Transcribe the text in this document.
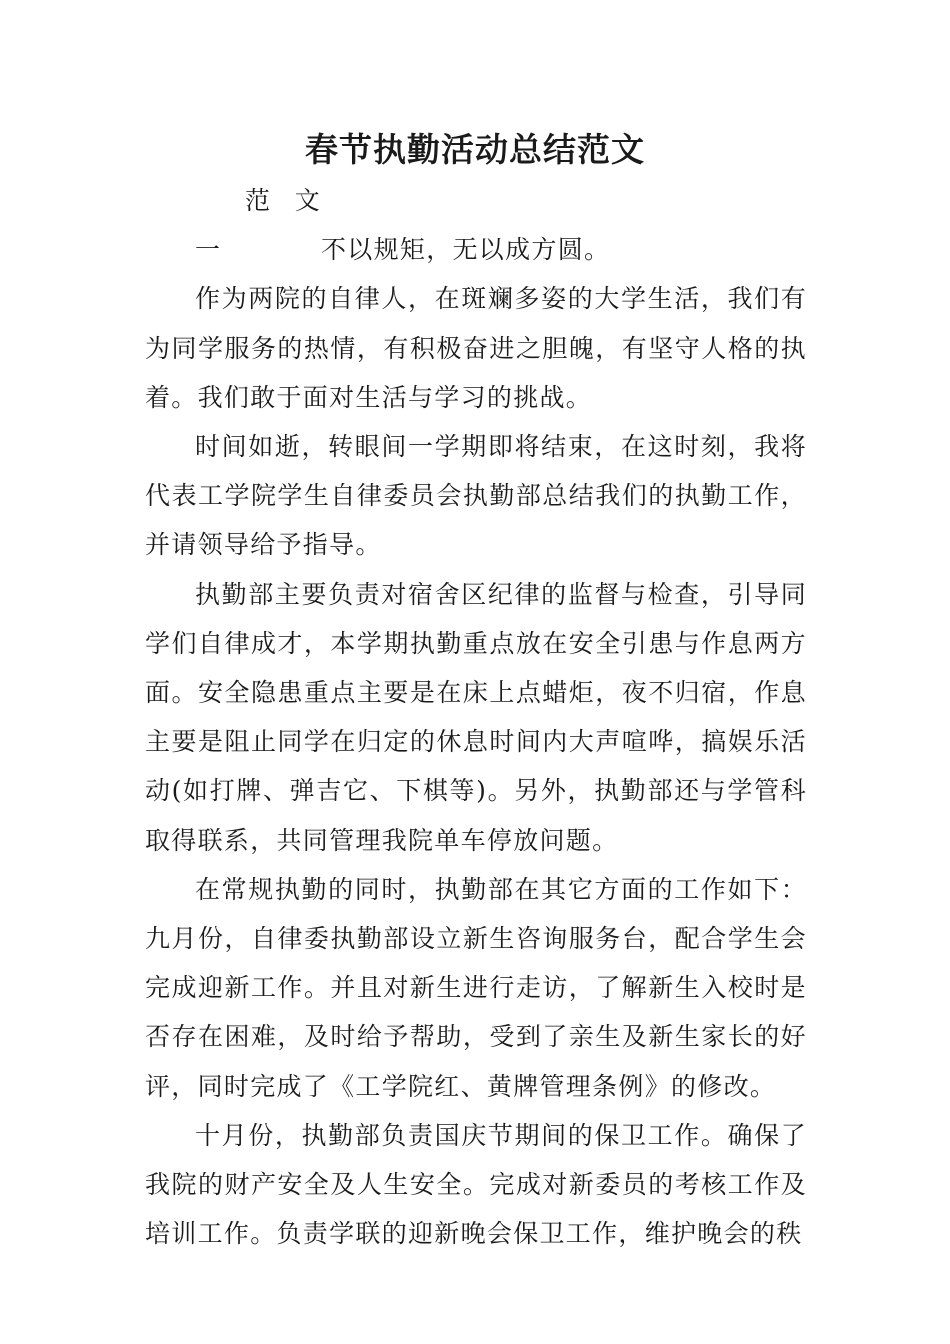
春节执勤活动总结范文

范文一	不以规矩，无以成方圆。

作为两院的自律人，在斑斓多姿的大学生活，我们有为同学服务的热情，有积极奋进之胆魄，有坚守人格的执着。我们敢于面对生活与学习的挑战。

时间如逝，转眼间一学期即将结束，在这时刻，我将代表工学院学生自律委员会执勤部总结我们的执勤工作，并请领导给予指导。

执勤部主要负责对宿舍区纪律的监督与检查，引导同学们自律成才，本学期执勤重点放在安全引患与作息两方面。安全隐患重点主要是在床上点蜡炬，夜不归宿，作息主要是阻止同学在归定的休息时间内大声喧哗，搞娱乐活动(如打牌、弹吉它、下棋等)。另外，执勤部还与学管科取得联系，共同管理我院单车停放问题。

在常规执勤的同时，执勤部在其它方面的工作如下：九月份，自律委执勤部设立新生咨询服务台，配合学生会完成迎新工作。并且对新生进行走访，了解新生入校时是否存在困难，及时给予帮助，受到了亲生及新生家长的好评，同时完成了《工学院红、黄牌管理条例》的修改。

十月份，执勤部负责国庆节期间的保卫工作。确保了我院的财产安全及人生安全。完成对新委员的考核工作及培训工作。负责学联的迎新晚会保卫工作，维护晚会的秩
